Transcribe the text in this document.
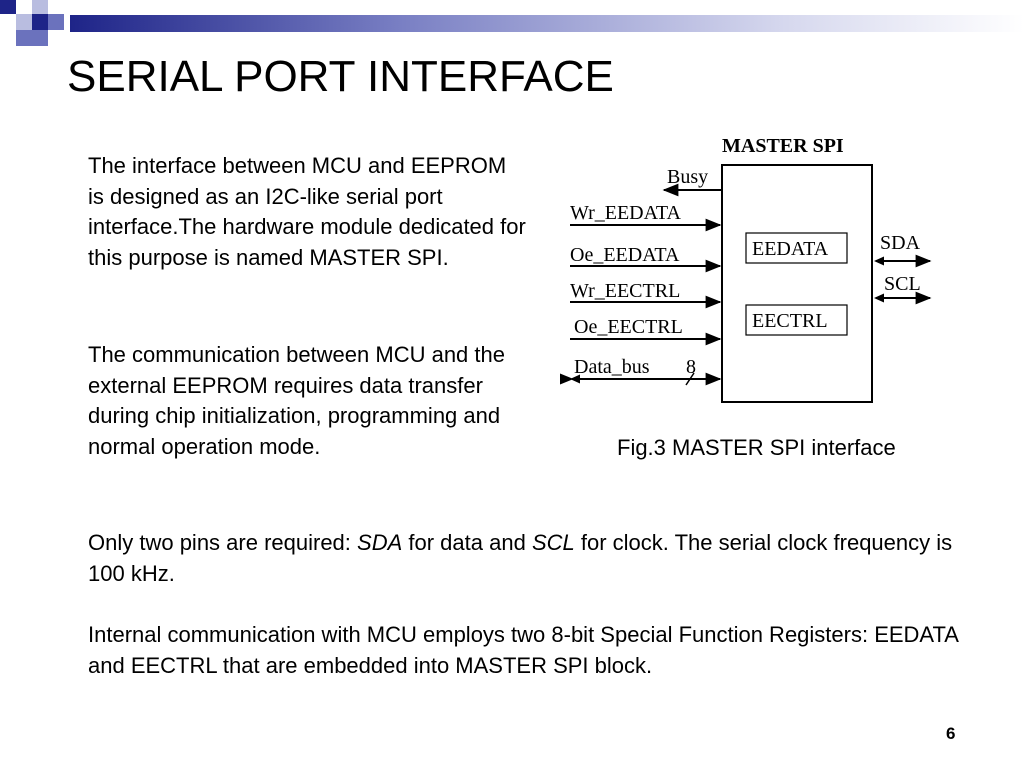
SERIAL PORT INTERFACE

The interface between MCU and EEPROM is designed as an I2C-like serial port interface.The hardware module dedicated for this purpose is named MASTER SPI.

The communication between MCU and the external EEPROM requires data transfer during chip initialization, programming and normal operation mode.

Only two pins are required: SDA for data and SCL for clock. The serial clock frequency is 100 kHz.

Internal communication with MCU employs two 8-bit Special Function Registers: EEDATA and EECTRL that are embedded into MASTER SPI block.

MASTER SPI
EEDATA
EECTRL
Busy
Wr_EEDATA
Oe_EEDATA
Wr_EECTRL
Oe_EECTRL
Data_bus 8
SDA
SCL
Fig.3 MASTER SPI interface
6
